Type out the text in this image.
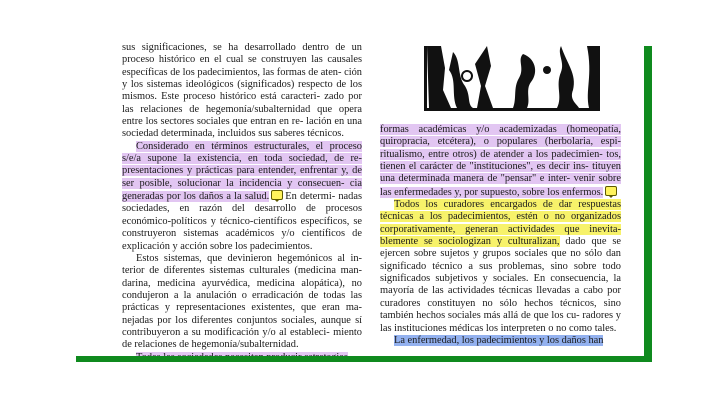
sus significaciones, se ha desarrollado dentro de un proceso histórico en el cual se construyen las causales específicas de los padecimientos, las formas de aten- ción y los sistemas ideológicos (significados) respecto de los mismos. Este proceso histórico está caracteri- zado por las relaciones de hegemonía/subalternidad que opera entre los sectores sociales que entran en re- lación en una sociedad determinada, incluidos sus saberes técnicos.

Considerado en términos estructurales, el proceso s/e/a supone la existencia, en toda sociedad, de re- presentaciones y prácticas para entender, enfrentar y, de ser posible, solucionar la incidencia y consecuen- cia generadas por los daños a la salud. En determi- nadas sociedades, en razón del desarrollo de procesos económico-políticos y técnico-científicos específicos, se construyeron sistemas académicos y/o científicos de explicación y acción sobre los padecimientos.

Estos sistemas, que devinieron hegemónicos al in- terior de diferentes sistemas culturales (medicina man- darina, medicina ayurvédica, medicina alopática), no condujeron a la anulación o erradicación de todas las prácticas y representaciones existentes, que eran ma- nejadas por los diferentes conjuntos sociales, aunque sí contribuyeron a su modificación y/o al estableci- miento de relaciones de hegemonía/subalternidad.

formas académicas y/o academizadas (homeopatía, quiropracia, etcétera), o populares (herbolaria, espi- ritualismo, entre otros) de atender a los padecimien- tos, tienen el carácter de "instituciones", es decir ins- tituyen una determinada manera de "pensar" e inter- venir sobre las enfermedades y, por supuesto, sobre los enfermos.

Todos los curadores encargados de dar respuestas técnicas a los padecimientos, estén o no organizados corporativamente, generan actividades que inevita- blemente se sociologizan y culturalizan, dado que se ejercen sobre sujetos y grupos sociales que no sólo dan significado técnico a sus problemas, sino sobre todo significados subjetivos y sociales. En consecuencia, la mayoría de las actividades técnicas llevadas a cabo por curadores constituyen no sólo hechos técnicos, sino también hechos sociales más allá de que los cu- radores y las instituciones médicas los interpreten o no como tales.

La enfermedad, los padecimientos y los daños han
